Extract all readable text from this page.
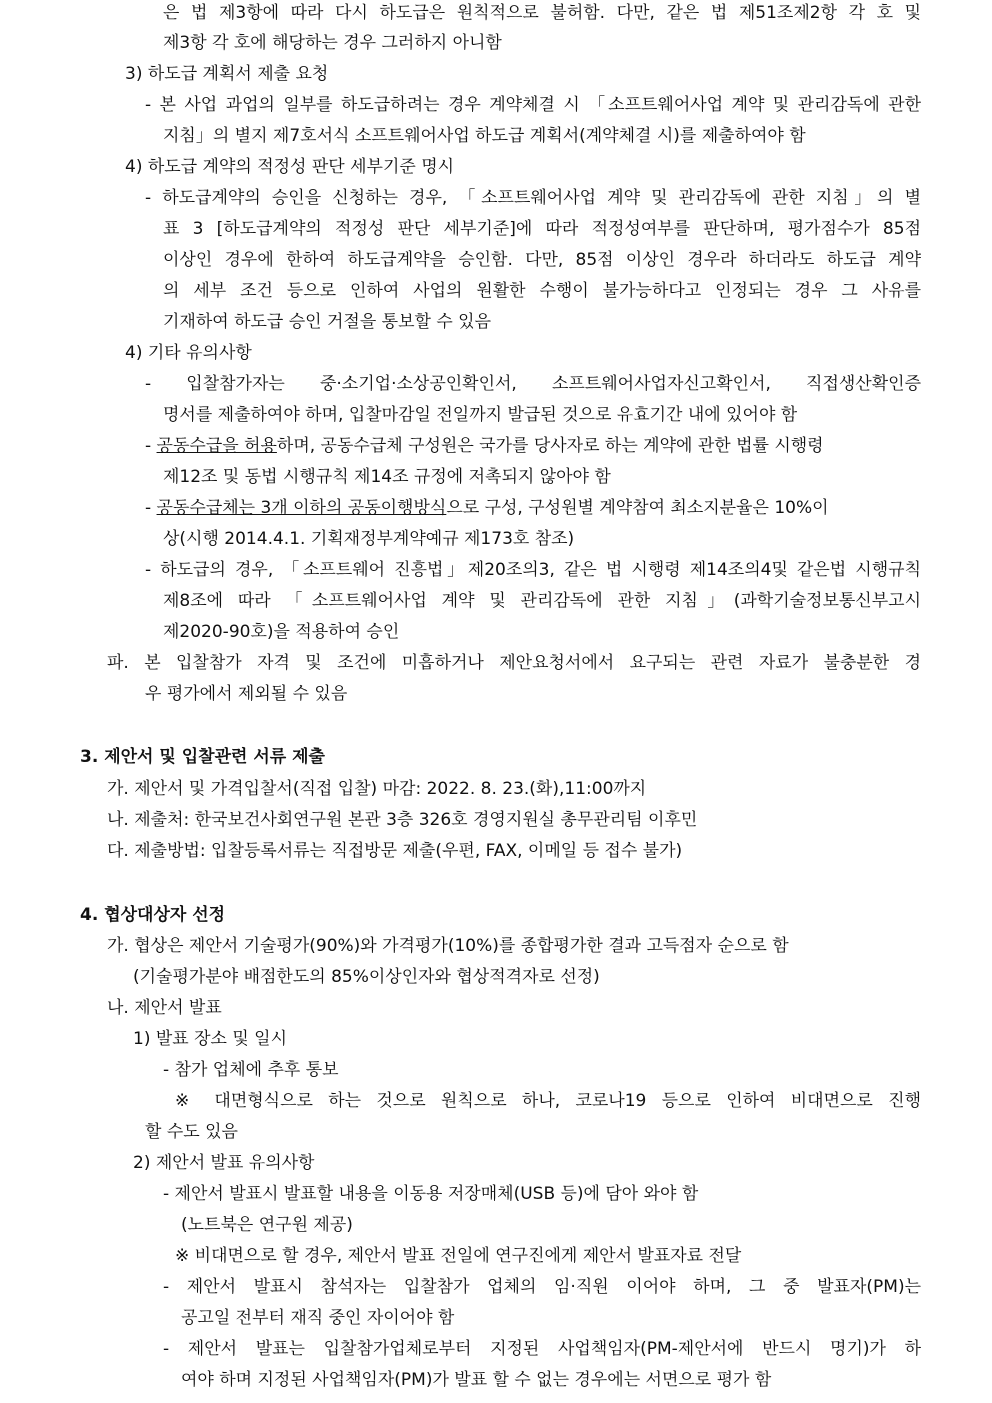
은 법 제3항에 따라 다시 하도급은 원칙적으로 불허함. 다만, 같은 법 제51조제2항 각 호 및
제3항 각 호에 해당하는 경우 그러하지 아니함
3) 하도급 계획서 제출 요청
- 본 사업 과업의 일부를 하도급하려는 경우 계약체결 시 「소프트웨어사업 계약 및 관리감독에 관한
지침」의 별지 제7호서식 소프트웨어사업 하도급 계획서(계약체결 시)를 제출하여야 함
4) 하도급 계약의 적정성 판단 세부기준 명시
- 하도급계약의 승인을 신청하는 경우, 「소프트웨어사업 계약 및 관리감독에 관한 지침」의 별
표 3 [하도급계약의 적정성 판단 세부기준]에 따라 적정성여부를 판단하며, 평가점수가 85점
이상인 경우에 한하여 하도급계약을 승인함. 다만, 85점 이상인 경우라 하더라도 하도급 계약
의 세부 조건 등으로 인하여 사업의 원활한 수행이 불가능하다고 인정되는 경우 그 사유를
기재하여 하도급 승인 거절을 통보할 수 있음
4) 기타 유의사항
- 입찰참가자는 중·소기업·소상공인확인서, 소프트웨어사업자신고확인서, 직접생산확인증
명서를 제출하여야 하며, 입찰마감일 전일까지 발급된 것으로 유효기간 내에 있어야 함
- 공동수급을 허용하며, 공동수급체 구성원은 국가를 당사자로 하는 계약에 관한 법률 시행령
제12조 및 동법 시행규칙 제14조 규정에 저촉되지 않아야 함
- 공동수급체는 3개 이하의 공동이행방식으로 구성, 구성원별 계약참여 최소지분율은 10%이
상(시행 2014.4.1. 기획재정부계약예규 제173호 참조)
- 하도급의 경우, 「소프트웨어 진흥법」제20조의3, 같은 법 시행령 제14조의4및 같은법 시행규칙
제8조에 따라 「소프트웨어사업 계약 및 관리감독에 관한 지침」(과학기술정보통신부고시
제2020-90호)을 적용하여 승인
파. 본 입찰참가 자격 및 조건에 미흡하거나 제안요청서에서 요구되는 관련 자료가 불충분한 경
우 평가에서 제외될 수 있음
3. 제안서 및 입찰관련 서류 제출
가. 제안서 및 가격입찰서(직접 입찰) 마감: 2022. 8. 23.(화),11:00까지
나. 제출처: 한국보건사회연구원 본관 3층 326호 경영지원실 총무관리팀 이후민
다. 제출방법: 입찰등록서류는 직접방문 제출(우편, FAX, 이메일 등 접수 불가)
4. 협상대상자 선정
가. 협상은 제안서 기술평가(90%)와 가격평가(10%)를 종합평가한 결과 고득점자 순으로 함
(기술평가분야 배점한도의 85%이상인자와 협상적격자로 선정)
나. 제안서 발표
1) 발표 장소 및 일시
- 참가 업체에 추후 통보
※ 대면형식으로 하는 것으로 원칙으로 하나, 코로나19 등으로 인하여 비대면으로 진행
할 수도 있음
2) 제안서 발표 유의사항
- 제안서 발표시 발표할 내용을 이동용 저장매체(USB 등)에 담아 와야 함
(노트북은 연구원 제공)
※ 비대면으로 할 경우, 제안서 발표 전일에 연구진에게 제안서 발표자료 전달
- 제안서 발표시 참석자는 입찰참가 업체의 임·직원 이어야 하며, 그 중 발표자(PM)는
공고일 전부터 재직 중인 자이어야 함
- 제안서 발표는 입찰참가업체로부터 지정된 사업책임자(PM-제안서에 반드시 명기)가 하
여야 하며 지정된 사업책임자(PM)가 발표 할 수 없는 경우에는 서면으로 평가 함
